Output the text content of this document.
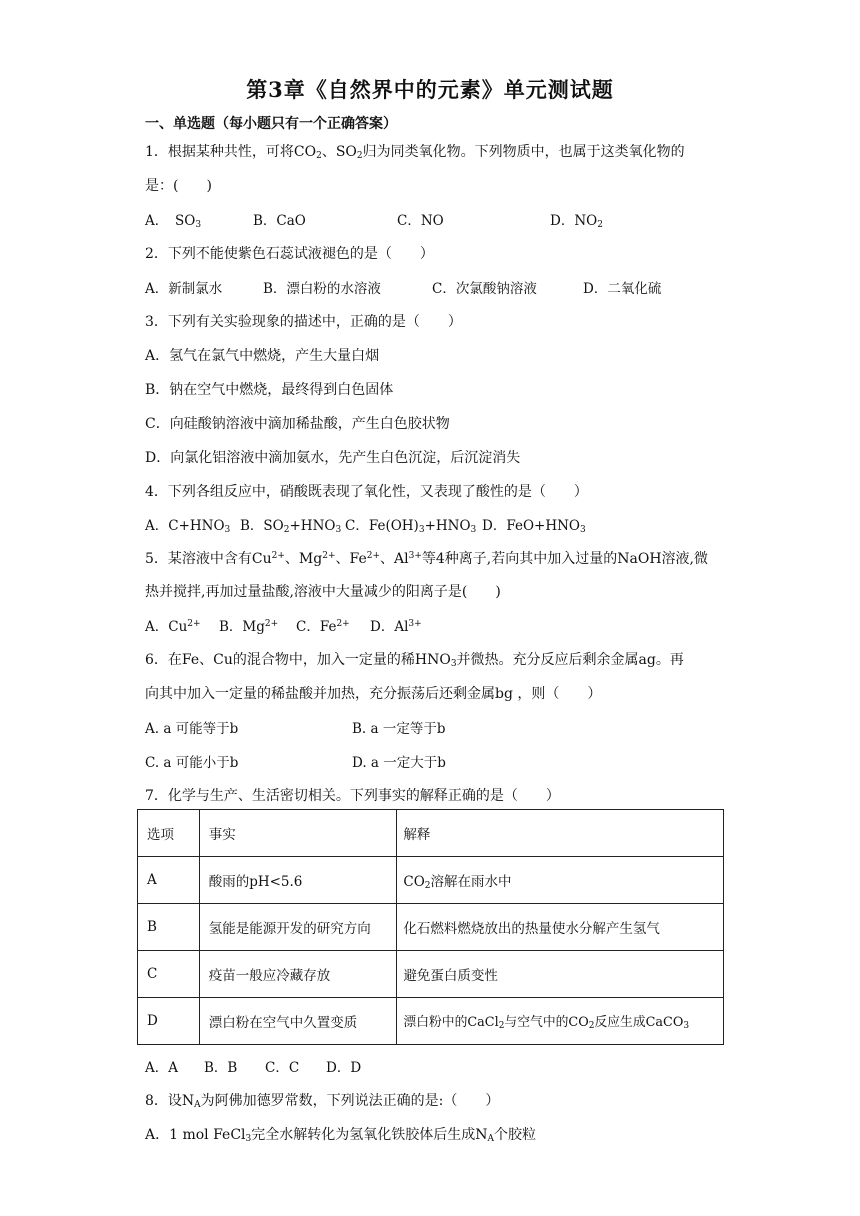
第3章《自然界中的元素》单元测试题
一、单选题（每小题只有一个正确答案）
1．根据某种共性，可将$CO_2$、$SO_2$归为同类氧化物。下列物质中，也属于这类氧化物的
是：(　　)
A．　$SO_3$	B．CaO	C．NO	D．$NO_2$
2．下列不能使紫色石蕊试液褪色的是（　　）
A．新制氯水	B．漂白粉的水溶液	C．次氯酸钠溶液	D．二氧化硫
3．下列有关实验现象的描述中，正确的是（　　）
A．氢气在氯气中燃烧，产生大量白烟
B．钠在空气中燃烧，最终得到白色固体
C．向硅酸钠溶液中滴加稀盐酸，产生白色胶状物
D．向氯化铝溶液中滴加氨水，先产生白色沉淀，后沉淀消失
4．下列各组反应中，硝酸既表现了氧化性，又表现了酸性的是（　　）
A．$C+HNO_3$ B．$SO_2+HNO_3$ C．$Fe(OH)_3+HNO_3$ D．$FeO+HNO_3$
5．某溶液中含有$Cu^{2+}$、$Mg^{2+}$、$Fe^{2+}$、$Al^{3+}$等4种离子,若向其中加入过量的NaOH溶液,微
热并搅拌,再加过量盐酸,溶液中大量减少的阳离子是(　　)
A．$Cu^{2+}$ B．$Mg^{2+}$ C．$Fe^{2+}$ D．$Al^{3+}$
6．在Fe、Cu的混合物中，加入一定量的稀$HNO_3$并微热。充分反应后剩余金属ag。再
向其中加入一定量的稀盐酸并加热，充分振荡后还剩金属bg ，则（　　）
A. a 可能等于b	B. a 一定等于b
C. a 可能小于b	D. a 一定大于b
7．化学与生产、生活密切相关。下列事实的解释正确的是（　　）
选项	事实	解释
A	酸雨的pH<5.6	$CO_2$溶解在雨水中
B	氢能是能源开发的研究方向	化石燃料燃烧放出的热量使水分解产生氢气
C	疫苗一般应冷藏存放	避免蛋白质变性
D	漂白粉在空气中久置变质	漂白粉中的CaCl$_2$与空气中的$CO_2$反应生成CaCO$_3$
A．A B．B C．C D．D
8．设$N_A$为阿佛加德罗常数，下列说法正确的是:（　　）
A．1 mol FeCl$_3$完全水解转化为氢氧化铁胶体后生成$N_A$个胶粒
